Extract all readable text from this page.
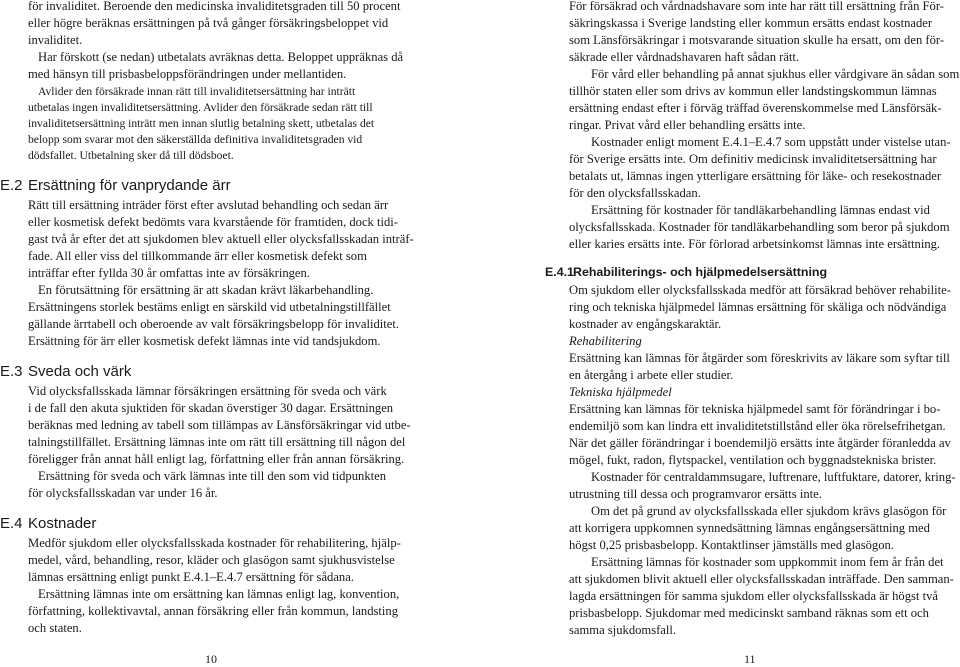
för invaliditet. Beroende den medicinska invaliditetsgraden till 50 procent
eller högre beräknas ersättningen på två gånger försäkringsbeloppet vid
invaliditet.
Har förskott (se nedan) utbetalats avräknas detta. Beloppet uppräknas då
med hänsyn till prisbasbeloppsförändringen under mellantiden.
Avlider den försäkrade innan rätt till invaliditetsersättning har inträtt
utbetalas ingen invaliditetsersättning. Avlider den försäkrade sedan rätt till
invaliditetsersättning inträtt men innan slutlig betalning skett, utbetalas det
belopp som svarar mot den säkerställda definitiva invaliditetsgraden vid
dödsfallet. Utbetalning sker då till dödsboet.
E.2 Ersättning för vanprydande ärr
Rätt till ersättning inträder först efter avslutad behandling och sedan ärr
eller kosmetisk defekt bedömts vara kvarstående för framtiden, dock tidi-
gast två år efter det att sjukdomen blev aktuell eller olycksfallsskadan inträf-
fade. All eller viss del tillkommande ärr eller kosmetisk defekt som
inträffar efter fyllda 30 år omfattas inte av försäkringen.
En förutsättning för ersättning är att skadan krävt läkarbehandling.
Ersättningens storlek bestäms enligt en särskild vid utbetalningstillfället
gällande ärrtabell och oberoende av valt försäkringsbelopp för invaliditet.
Ersättning för ärr eller kosmetisk defekt lämnas inte vid tandsjukdom.
E.3 Sveda och värk
Vid olycksfallsskada lämnar försäkringen ersättning för sveda och värk
i de fall den akuta sjuktiden för skadan överstiger 30 dagar. Ersättningen
beräknas med ledning av tabell som tillämpas av Länsförsäkringar vid utbe-
talningstillfället. Ersättning lämnas inte om rätt till ersättning till någon del
föreligger från annat håll enligt lag, författning eller från annan försäkring.
Ersättning för sveda och värk lämnas inte till den som vid tidpunkten
för olycksfallsskadan var under 16 år.
E.4 Kostnader
Medför sjukdom eller olycksfallsskada kostnader för rehabilitering, hjälp-
medel, vård, behandling, resor, kläder och glasögon samt sjukhusvistelse
lämnas ersättning enligt punkt E.4.1–E.4.7 ersättning för sådana.
Ersättning lämnas inte om ersättning kan lämnas enligt lag, konvention,
författning, kollektivavtal, annan försäkring eller från kommun, landsting
och staten.
10
För försäkrad och vårdnadshavare som inte har rätt till ersättning från För-
säkringskassa i Sverige landsting eller kommun ersätts endast kostnader
som Länsförsäkringar i motsvarande situation skulle ha ersatt, om den för-
säkrade eller vårdnadshavaren haft sådan rätt.
För vård eller behandling på annat sjukhus eller vårdgivare än sådan som
tillhör staten eller som drivs av kommun eller landstingskommun lämnas
ersättning endast efter i förväg träffad överenskommelse med Länsförsäk-
ringar. Privat vård eller behandling ersätts inte.
Kostnader enligt moment E.4.1–E.4.7 som uppstått under vistelse utan-
för Sverige ersätts inte. Om definitiv medicinsk invaliditetsersättning har
betalats ut, lämnas ingen ytterligare ersättning för läke- och resekostnader
för den olycksfallsskadan.
Ersättning för kostnader för tandläkarbehandling lämnas endast vid
olycksfallsskada. Kostnader för tandläkarbehandling som beror på sjukdom
eller karies ersätts inte. För förlorad arbetsinkomst lämnas inte ersättning.
E.4.1 Rehabiliterings- och hjälpmedelsersättning
Om sjukdom eller olycksfallsskada medför att försäkrad behöver rehabilite-
ring och tekniska hjälpmedel lämnas ersättning för skäliga och nödvändiga
kostnader av engångskaraktär.
Rehabilitering
Ersättning kan lämnas för åtgärder som föreskrivits av läkare som syftar till
en återgång i arbete eller studier.
Tekniska hjälpmedel
Ersättning kan lämnas för tekniska hjälpmedel samt för förändringar i bo-
endemiljö som kan lindra ett invaliditetstillstånd eller öka rörelsefrihetgan.
När det gäller förändringar i boendemiljö ersätts inte åtgärder föranledda av
mögel, fukt, radon, flytspackel, ventilation och byggnadstekniska brister.
Kostnader för centraldammsugare, luftrenare, luftfuktare, datorer, kring-
utrustning till dessa och programvaror ersätts inte.
Om det på grund av olycksfallsskada eller sjukdom krävs glasögon för
att korrigera uppkomnen synnedsättning lämnas engångsersättning med
högst 0,25 prisbasbelopp. Kontaktlinser jämställs med glasögon.
Ersättning lämnas för kostnader som uppkommit inom fem år från det
att sjukdomen blivit aktuell eller olycksfallsskadan inträffade. Den samman-
lagda ersättningen för samma sjukdom eller olycksfallsskada är högst två
prisbasbelopp. Sjukdomar med medicinskt samband räknas som ett och
samma sjukdomsfall.
11
